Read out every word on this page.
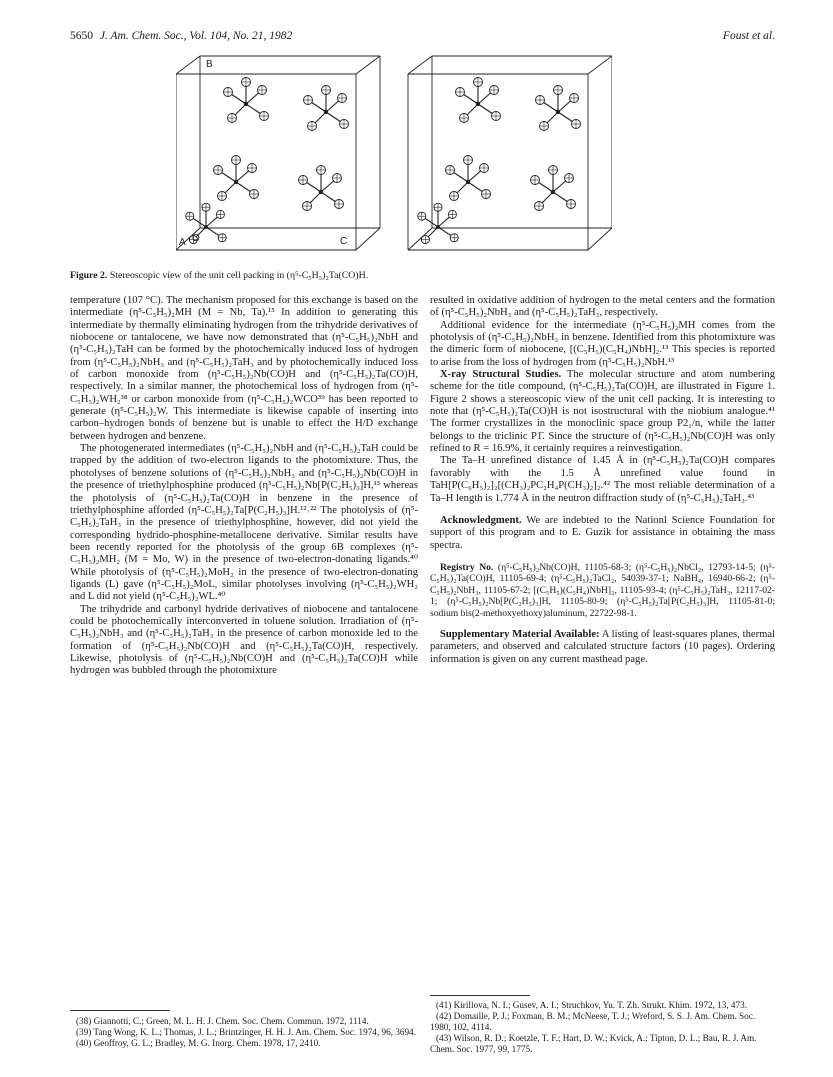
5650 J. Am. Chem. Soc., Vol. 104, No. 21, 1982	Foust et al.
B
A O	C
Figure 2. Stereoscopic view of the unit cell packing in (η⁵-C₅H₅)₂Ta(CO)H.

temperature (107 °C). The mechanism proposed for this exchange is based on the intermediate (η⁵-C₅H₅)₂MH (M = Nb, Ta).¹⁵ In addition to generating this intermediate by thermally eliminating hydrogen from the trihydride derivatives of niobocene or tantalocene, we have now demonstrated that (η⁵-C₅H₅)₂NbH and (η⁵-C₅H₅)₂TaH can be formed by the photochemically induced loss of hydrogen from (η⁵-C₅H₅)₂NbH₃ and (η⁵-C₅H₅)₂TaH₃ and by photochemically induced loss of carbon monoxide from (η⁵-C₅H₅)₂Nb(CO)H and (η⁵-C₅H₅)₂Ta(CO)H, respectively. In a similar manner, the photochemical loss of hydrogen from (η⁵-C₅H₅)₂WH₂³⁸ or carbon monoxide from (η⁵-C₅H₅)₂WCO³⁹ has been reported to generate (η⁵-C₅H₅)₂W. This intermediate is likewise capable of inserting into carbon–hydrogen bonds of benzene but is unable to effect the H/D exchange between hydrogen and benzene.

The photogenerated intermediates (η⁵-C₅H₅)₂NbH and (η⁵-C₅H₅)₂TaH could be trapped by the addition of two-electron ligands to the photomixture. Thus, the photolyses of benzene solutions of (η⁵-C₅H₅)₂NbH₃ and (η⁵-C₅H₅)₂Nb(CO)H in the presence of triethylphosphine produced (η⁵-C₅H₅)₂Nb[P(C₂H₅)₃]H,¹³ whereas the photolysis of (η⁵-C₅H₅)₂Ta(CO)H in benzene in the presence of triethylphosphine afforded (η⁵-C₅H₅)₂Ta[P(C₂H₅)₃]H.¹²˒²² The photolysis of (η⁵-C₅H₅)₂TaH₃ in the presence of triethylphosphine, however, did not yield the corresponding hydrido-phosphine-metallocene derivative. Similar results have been recently reported for the photolysis of the group 6B complexes (η⁵-C₅H₅)₂MH₂ (M = Mo, W) in the presence of two-electron-donating ligands.⁴⁰ While photolysis of (η⁵-C₅H₅)₂MoH₂ in the presence of two-electron-donating ligands (L) gave (η⁵-C₅H₅)₂MoL, similar photolyses involving (η⁵-C₅H₅)₂WH₂ and L did not yield (η⁵-C₅H₅)₂WL.⁴⁰

The trihydride and carbonyl hydride derivatives of niobocene and tantalocene could be photochemically interconverted in toluene solution. Irradiation of (η⁵-C₅H₅)₂NbH₃ and (η⁵-C₅H₅)₂TaH₃ in the presence of carbon monoxide led to the formation of (η⁵-C₅H₅)₂Nb(CO)H and (η⁵-C₅H₅)₂Ta(CO)H, respectively. Likewise, photolysis of (η⁵-C₅H₅)₂Nb(CO)H and (η⁵-C₅H₅)₂Ta(CO)H while hydrogen was bubbled through the photomixture

resulted in oxidative addition of hydrogen to the metal centers and the formation of (η⁵-C₅H₅)₂NbH₃ and (η⁵-C₅H₅)₂TaH₃, respectively.

Additional evidence for the intermediate (η⁵-C₅H₅)₂MH comes from the photolysis of (η⁵-C₅H₅)₂NbH₃ in benzene. Identified from this photomixture was the dimeric form of niobocene, [(C₅H₅)(C₅H₄)NbH]₂.¹³ This species is reported to arise from the loss of hydrogen from (η⁵-C₅H₅)₂NbH.¹³

X-ray Structural Studies. The molecular structure and atom numbering scheme for the title compound, (η⁵-C₅H₅)₂Ta(CO)H, are illustrated in Figure 1. Figure 2 shows a stereoscopic view of the unit cell packing. It is interesting to note that (η⁵-C₅H₅)₂Ta(CO)H is not isostructural with the niobium analogue.⁴¹ The former crystallizes in the monoclinic space group P2₁/n, while the latter belongs to the triclinic P1̄. Since the structure of (η⁵-C₅H₅)₂Nb(CO)H was only refined to R = 16.9%, it certainly requires a reinvestigation.

The Ta–H unrefined distance of 1.45 Å in (η⁵-C₅H₅)₂Ta(CO)H compares favorably with the 1.5 Å unrefined value found in TaH[P(C₆H₅)₂]₂[(CH₃)₂PC₂H₄P(CH₃)₂]₂.⁴² The most reliable determination of a Ta–H length is 1.774 Å in the neutron diffraction study of (η⁵-C₅H₅)₂TaH₃.⁴³

Acknowledgment. We are indebted to the Nationl Science Foundation for support of this program and to E. Guzik for assistance in obtaining the mass spectra.

Registry No. (η⁵-C₅H₅)₂Nb(CO)H, 11105-68-3; (η⁵-C₅H₅)₂NbCl₂, 12793-14-5; (η⁵-C₅H₅)₂Ta(CO)H, 11105-69-4; (η⁵-C₅H₅)₂TaCl₂, 54039-37-1; NaBH₄, 16940-66-2; (η⁵-C₅H₅)₂NbH₃, 11105-67-2; [(C₅H₅)(C₅H₄)NbH]₂, 11105-93-4; (η⁵-C₅H₅)₂TaH₃, 12117-02-1; (η⁵-C₅H₅)₂Nb[P(C₂H₅)₃]H, 11105-80-9; (η⁵-C₅H₅)₂Ta[P(C₂H₅)₃]H, 11105-81-0; sodium bis(2-methoxyethoxy)aluminum, 22722-98-1.

Supplementary Material Available: A listing of least-squares planes, thermal parameters, and observed and calculated structure factors (10 pages). Ordering information is given on any current masthead page.

(38) Giannotti, C.; Green, M. L. H. J. Chem. Soc. Chem. Commun. 1972, 1114.

(39) Tang Wong, K. L.; Thomas, J. L.; Brintzinger, H. H. J. Am. Chem. Soc. 1974, 96, 3694.

(40) Geoffroy, G. L.; Bradley, M. G. Inorg. Chem. 1978, 17, 2410.

(41) Kirillova, N. I.; Gusev, A. I.; Struchkov, Yu. T. Zh. Strukt. Khim. 1972, 13, 473.

(42) Domaille, P. J.; Foxman, B. M.; McNeese, T. J.; Wreford, S. S. J. Am. Chem. Soc. 1980, 102, 4114.

(43) Wilson, R. D.; Koetzle, T. F.; Hart, D. W.; Kvick, A.; Tipton, D. L.; Bau, R. J. Am. Chem. Soc. 1977, 99, 1775.
